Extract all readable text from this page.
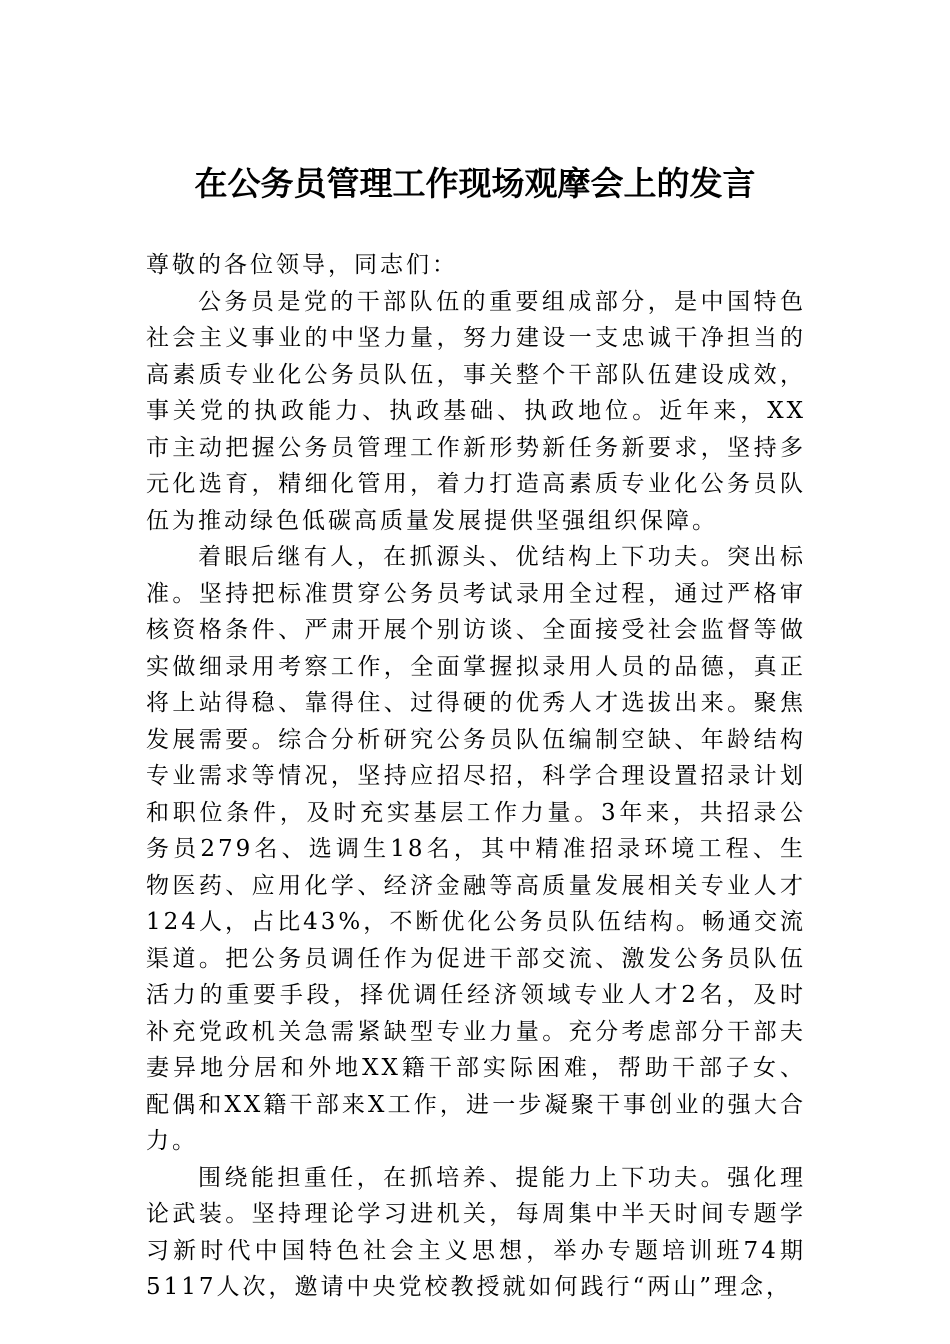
在公务员管理工作现场观摩会上的发言

尊敬的各位领导，同志们：

公务员是党的干部队伍的重要组成部分，是中国特色社会主义事业的中坚力量，努力建设一支忠诚干净担当的高素质专业化公务员队伍，事关整个干部队伍建设成效，事关党的执政能力、执政基础、执政地位。近年来，XX市主动把握公务员管理工作新形势新任务新要求，坚持多元化选育，精细化管用，着力打造高素质专业化公务员队伍为推动绿色低碳高质量发展提供坚强组织保障。

着眼后继有人，在抓源头、优结构上下功夫。突出标准。坚持把标准贯穿公务员考试录用全过程，通过严格审核资格条件、严肃开展个别访谈、全面接受社会监督等做实做细录用考察工作，全面掌握拟录用人员的品德，真正将上站得稳、靠得住、过得硬的优秀人才选拔出来。聚焦发展需要。综合分析研究公务员队伍编制空缺、年龄结构专业需求等情况，坚持应招尽招，科学合理设置招录计划和职位条件，及时充实基层工作力量。3年来，共招录公务员279名、选调生18名，其中精准招录环境工程、生物医药、应用化学、经济金融等高质量发展相关专业人才124人，占比43%，不断优化公务员队伍结构。畅通交流渠道。把公务员调任作为促进干部交流、激发公务员队伍活力的重要手段，择优调任经济领域专业人才2名，及时补充党政机关急需紧缺型专业力量。充分考虑部分干部夫妻异地分居和外地XX籍干部实际困难，帮助干部子女、配偶和XX籍干部来X工作，进一步凝聚干事创业的强大合力。

围绕能担重任，在抓培养、提能力上下功夫。强化理论武装。坚持理论学习进机关，每周集中半天时间专题学习新时代中国特色社会主义思想，举办专题培训班74期5117人次，邀请中央党校教授就如何践行“两山”理念，
